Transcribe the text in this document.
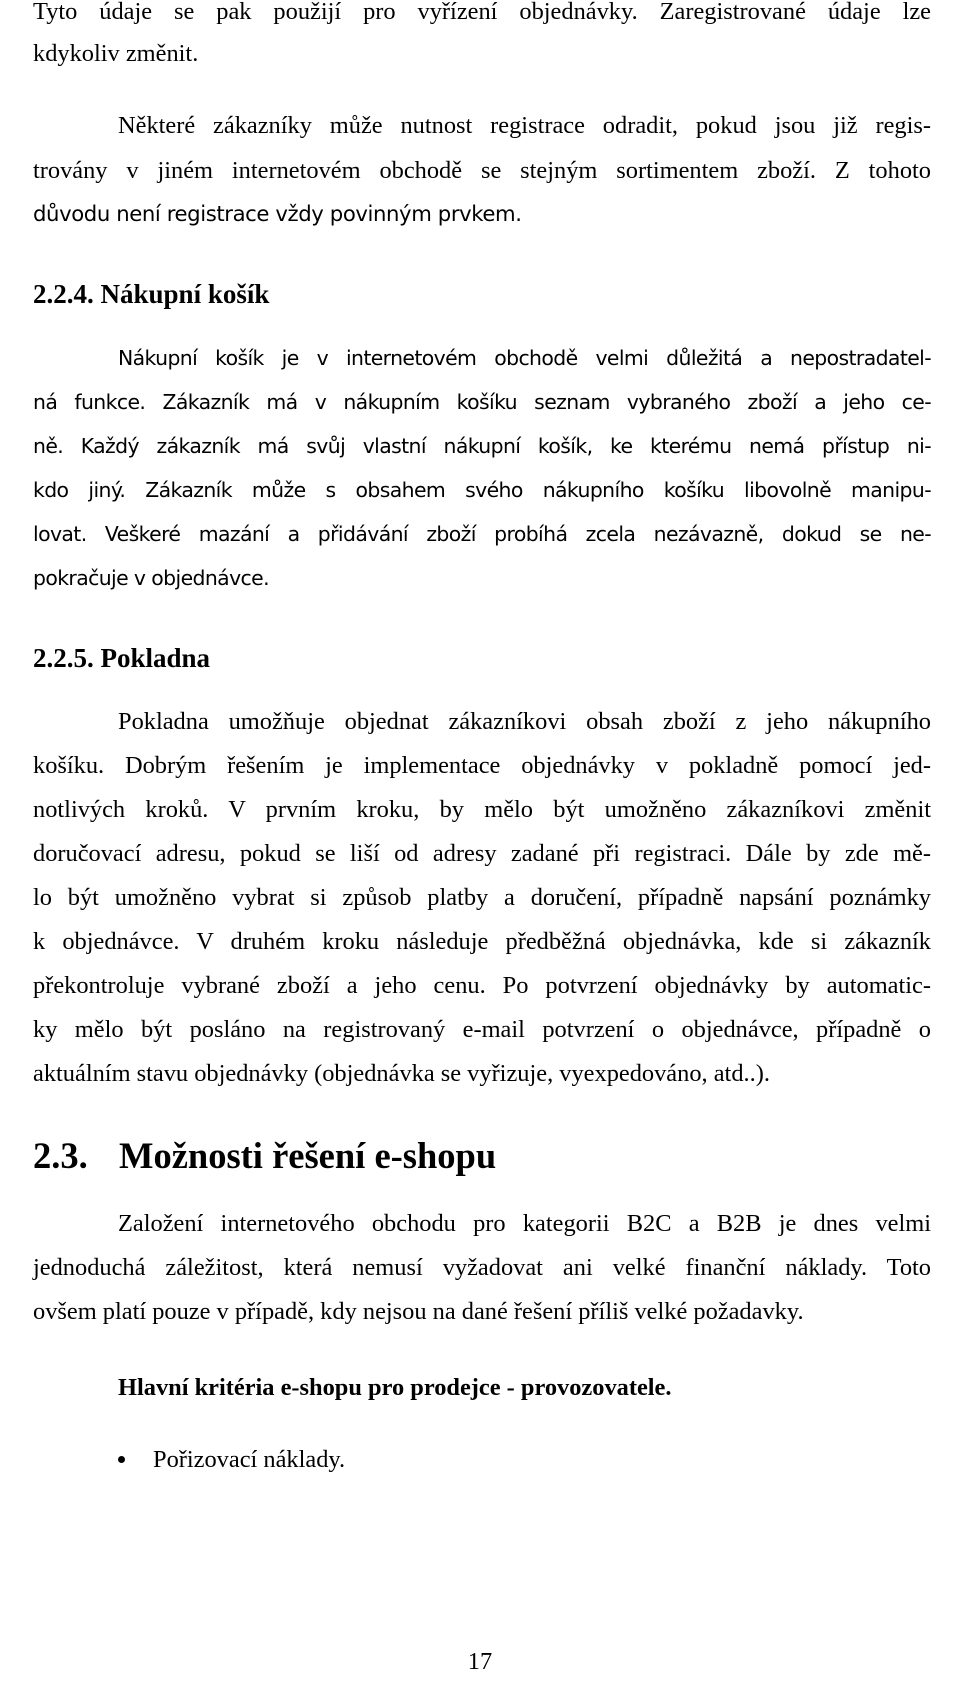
Tyto údaje se pak použijí pro vyřízení objednávky. Zaregistrované údaje lze
kdykoliv změnit.
Některé zákazníky může nutnost registrace odradit, pokud jsou již regis-
trovány v jiném internetovém obchodě se stejným sortimentem zboží. Z tohoto
důvodu není registrace vždy povinným prvkem.
2.2.4. Nákupní košík
Nákupní košík je v internetovém obchodě velmi důležitá a nepostradatel-
ná funkce. Zákazník má v nákupním košíku seznam vybraného zboží a jeho ce-
ně. Každý zákazník má svůj vlastní nákupní košík, ke kterému nemá přístup ni-
kdo jiný. Zákazník může s obsahem svého nákupního košíku libovolně manipu-
lovat. Veškeré mazání a přidávání zboží probíhá zcela nezávazně, dokud se ne-
pokračuje v objednávce.
2.2.5. Pokladna
Pokladna umožňuje objednat zákazníkovi obsah zboží z jeho nákupního
košíku. Dobrým řešením je implementace objednávky v pokladně pomocí jed-
notlivých kroků. V prvním kroku, by mělo být umožněno zákazníkovi změnit
doručovací adresu, pokud se liší od adresy zadané při registraci. Dále by zde mě-
lo být umožněno vybrat si způsob platby a doručení, případně napsání poznámky
k objednávce. V druhém kroku následuje předběžná objednávka, kde si zákazník
překontroluje vybrané zboží a jeho cenu. Po potvrzení objednávky by automatic-
ky mělo být posláno na registrovaný e-mail potvrzení o objednávce, případně o
aktuálním stavu objednávky (objednávka se vyřizuje, vyexpedováno, atd..).
2.3. Možnosti řešení e-shopu
Založení internetového obchodu pro kategorii B2C a B2B je dnes velmi
jednoduchá záležitost, která nemusí vyžadovat ani velké finanční náklady. Toto
ovšem platí pouze v případě, kdy nejsou na dané řešení příliš velké požadavky.
Hlavní kritéria e-shopu pro prodejce - provozovatele.
Pořizovací náklady.
17
